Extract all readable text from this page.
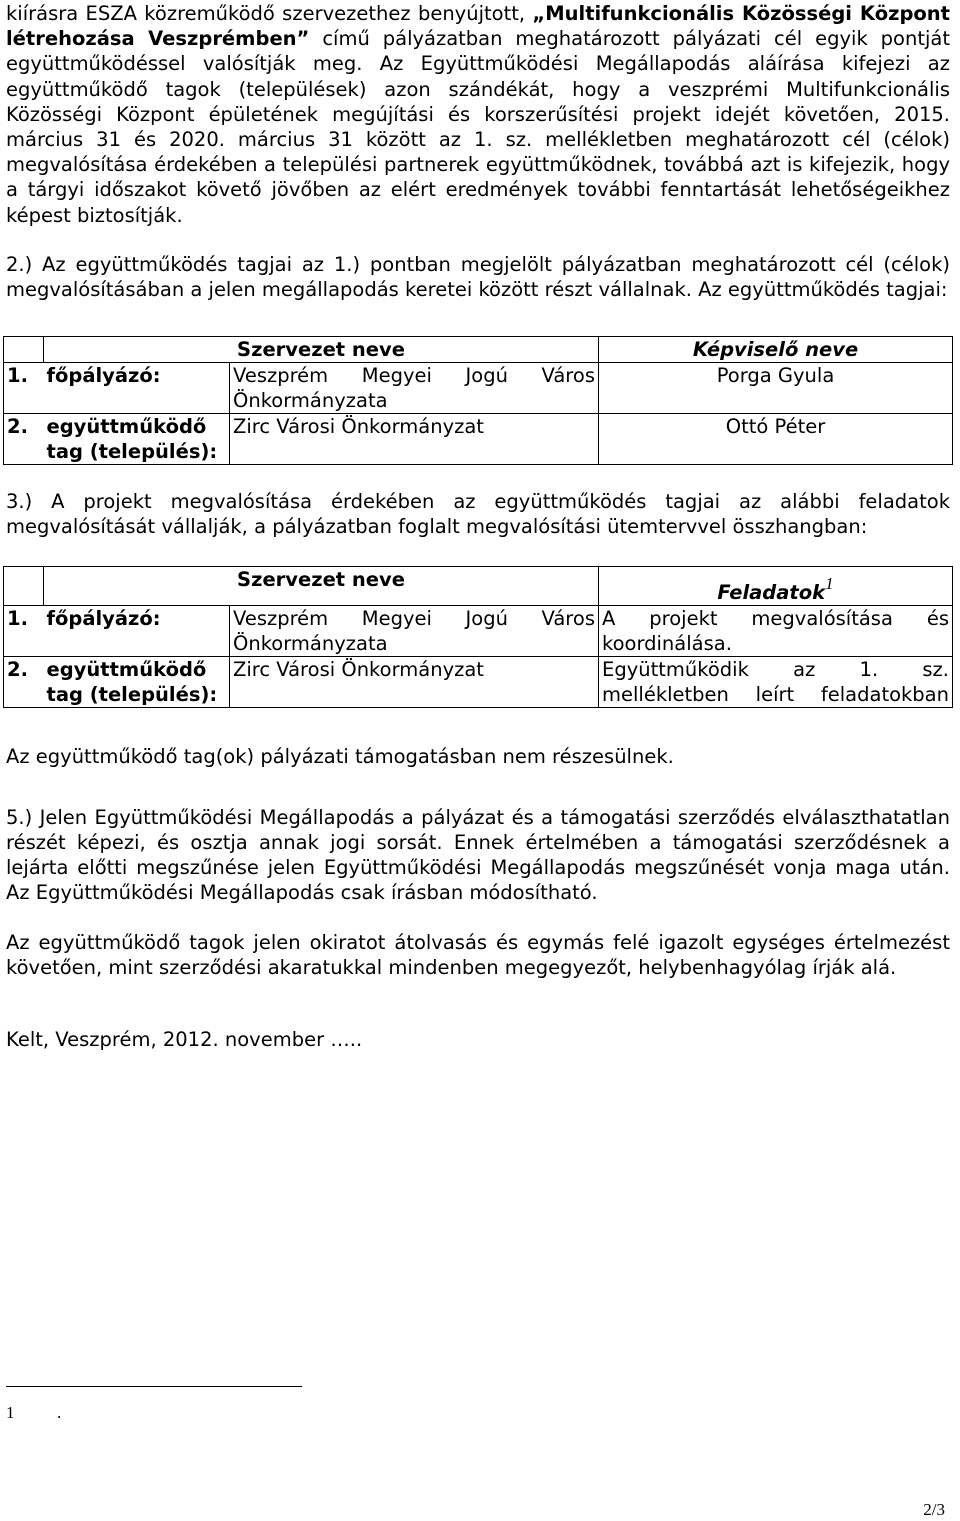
kiírásra ESZA közreműködő szervezethez benyújtott, „Multifunkcionális Közösségi Központ létrehozása Veszprémben” című pályázatban meghatározott pályázati cél egyik pontját együttműködéssel valósítják meg. Az Együttműködési Megállapodás aláírása kifejezi az együttműködő tagok (települések) azon szándékát, hogy a veszprémi Multifunkcionális Közösségi Központ épületének megújítási és korszerűsítési projekt idejét követően, 2015. március 31 és 2020. március 31 között az 1. sz. mellékletben meghatározott cél (célok) megvalósítása érdekében a települési partnerek együttműködnek, továbbá azt is kifejezik, hogy a tárgyi időszakot követő jövőben az elért eredmények további fenntartását lehetőségeikhez képest biztosítják.

2.) Az együttműködés tagjai az 1.) pontban megjelölt pályázatban meghatározott cél (célok) megvalósításában a jelen megállapodás keretei között részt vállalnak. Az együttműködés tagjai:

	Szervezet neve		Képviselő neve
1.	főpályázó:	Veszprém Megyei Jogú Város Önkormányzata	Porga Gyula
2.	együttműködő tag (település):	Zirc Városi Önkormányzat	Ottó Péter

3.) A projekt megvalósítása érdekében az együttműködés tagjai az alábbi feladatok megvalósítását vállalják, a pályázatban foglalt megvalósítási ütemtervvel összhangban:

	Szervezet neve		Feladatok$^1$
1.	főpályázó:	Veszprém Megyei Jogú Város Önkormányzata	A projekt megvalósítása és koordinálása.
2.	együttműködő tag (település):	Zirc Városi Önkormányzat	Együttműködik az 1. sz. mellékletben leírt feladatokban

Az együttműködő tag(ok) pályázati támogatásban nem részesülnek.

5.) Jelen Együttműködési Megállapodás a pályázat és a támogatási szerződés elválaszthatatlan részét képezi, és osztja annak jogi sorsát. Ennek értelmében a támogatási szerződésnek a lejárta előtti megszűnése jelen Együttműködési Megállapodás megszűnését vonja maga után. Az Együttműködési Megállapodás csak írásban módosítható.

Az együttműködő tagok jelen okiratot átolvasás és egymás felé igazolt egységes értelmezést követően, mint szerződési akaratukkal mindenben megegyezőt, helybenhagyólag írják alá.

Kelt, Veszprém, 2012. november …..

1          .
2/3
